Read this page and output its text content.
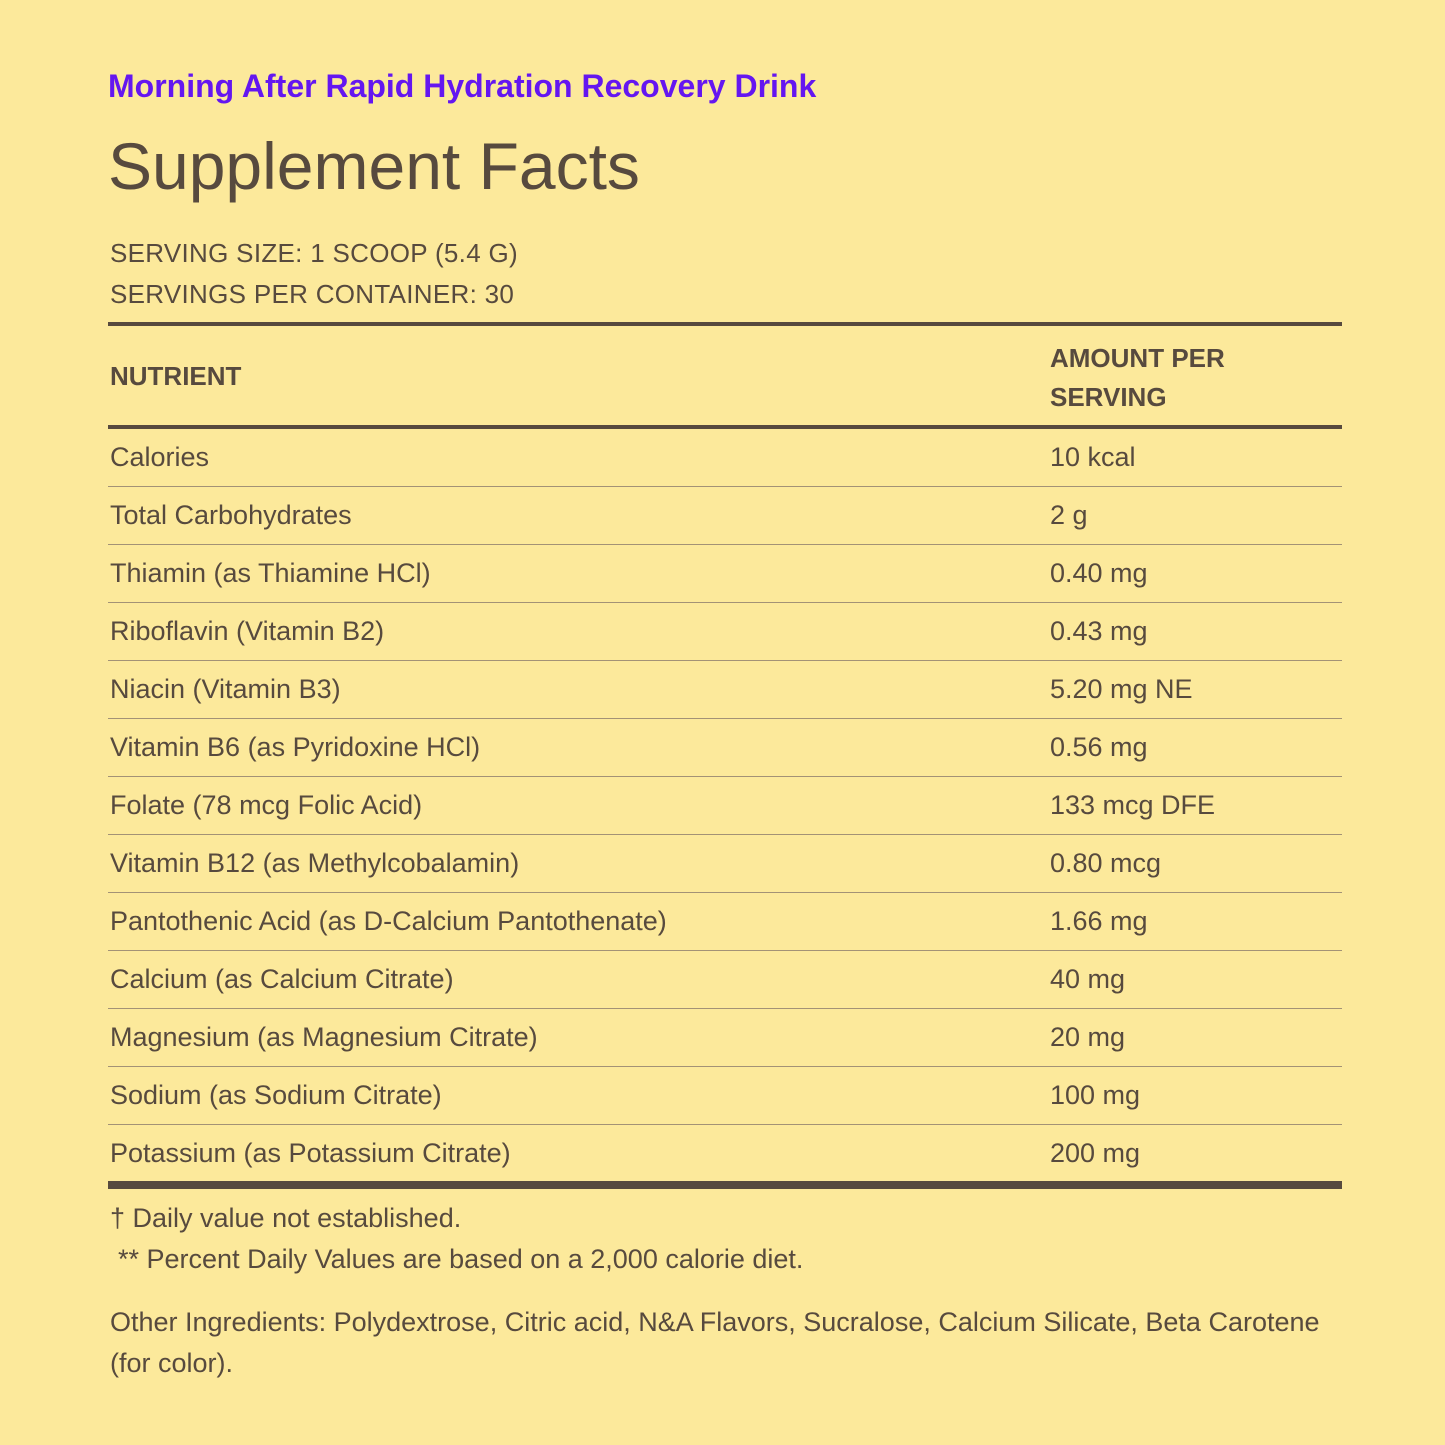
Morning After Rapid Hydration Recovery Drink
Supplement Facts
SERVING SIZE: 1 SCOOP (5.4 G)
SERVINGS PER CONTAINER: 30
NUTRIENT
AMOUNT PER SERVING
Calories	10 kcal
Total Carbohydrates	2 g
Thiamin (as Thiamine HCl)	0.40 mg
Riboflavin (Vitamin B2)	0.43 mg
Niacin (Vitamin B3)	5.20 mg NE
Vitamin B6 (as Pyridoxine HCl)	0.56 mg
Folate (78 mcg Folic Acid)	133 mcg DFE
Vitamin B12 (as Methylcobalamin)	0.80 mcg
Pantothenic Acid (as D-Calcium Pantothenate)	1.66 mg
Calcium (as Calcium Citrate)	40 mg
Magnesium (as Magnesium Citrate)	20 mg
Sodium (as Sodium Citrate)	100 mg
Potassium (as Potassium Citrate)	200 mg
† Daily value not established.
** Percent Daily Values are based on a 2,000 calorie diet.
Other Ingredients: Polydextrose, Citric acid, N&A Flavors, Sucralose, Calcium Silicate, Beta Carotene (for color).
